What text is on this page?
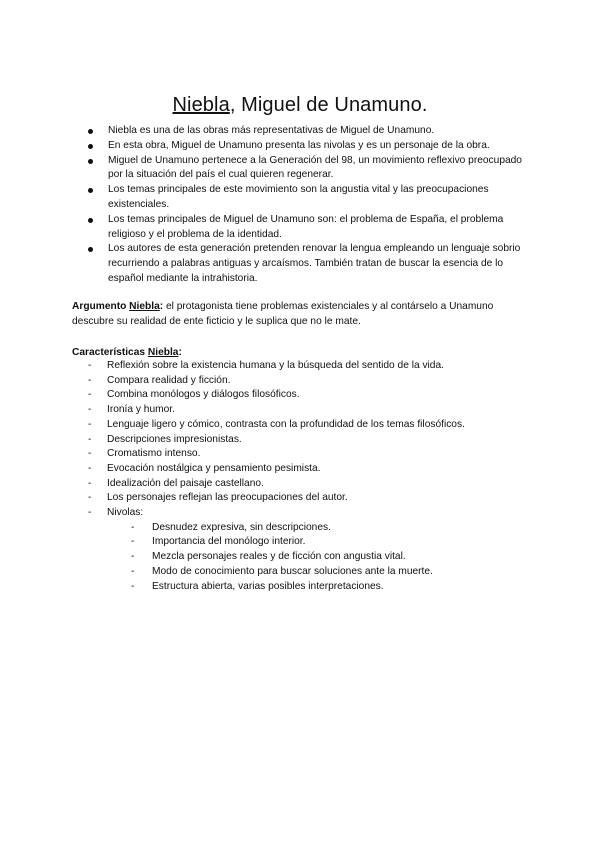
Niebla, Miguel de Unamuno.
Niebla es una de las obras más representativas de Miguel de Unamuno.
En esta obra, Miguel de Unamuno presenta las nivolas y es un personaje de la obra.
Miguel de Unamuno pertenece a la Generación del 98, un movimiento reflexivo preocupado por la situación del país el cual quieren regenerar.
Los temas principales de este movimiento son la angustia vital y las preocupaciones existenciales.
Los temas principales de Miguel de Unamuno son: el problema de España, el problema religioso y el problema de la identidad.
Los autores de esta generación pretenden renovar la lengua empleando un lenguaje sobrio recurriendo a palabras antiguas y arcaísmos. También tratan de buscar la esencia de lo español mediante la intrahistoria.

Argumento Niebla: el protagonista tiene problemas existenciales y al contárselo a Unamuno descubre su realidad de ente ficticio y le suplica que no le mate.

Características Niebla:

- Reflexión sobre la existencia humana y la búsqueda del sentido de la vida.
- Compara realidad y ficción.
- Combina monólogos y diálogos filosóficos.
- Ironía y humor.
- Lenguaje ligero y cómico, contrasta con la profundidad de los temas filosóficos.
- Descripciones impresionistas.
- Cromatismo intenso.
- Evocación nostálgica y pensamiento pesimista.
- Idealización del paisaje castellano.
- Los personajes reflejan las preocupaciones del autor.
- Nivolas:
- Desnudez expresiva, sin descripciones.
- Importancia del monólogo interior.
- Mezcla personajes reales y de ficción con angustia vital.
- Modo de conocimiento para buscar soluciones ante la muerte.
- Estructura abierta, varias posibles interpretaciones.
